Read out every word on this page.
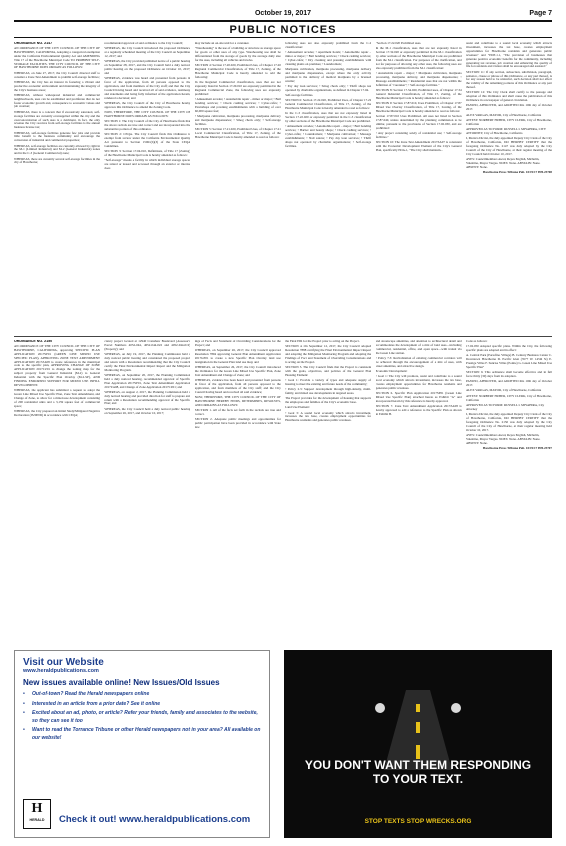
October 19, 2017	Page 7
PUBLIC NOTICES

ORDINANCE NO. 2147

AN ORDINANCE OF THE CITY COUNCIL OF THE CITY OF HAWTHORNE, CALIFORNIA, Adopting a categorical exemption under the California Environmental Quality Act and AMENDING Title 17 of the Hawthorne Municipal Code TO PROHIBIT SELF-STORAGE FACILITIES. THE CITY COUNCIL OF THE CITY OF HAWTHORNE DOES ORDAIN AS FOLLOWS:

WHEREAS, on June 27, 2017, the City Council directed staff to consider a Zone Text Amendment to prohibit self-storage facilities;

WHEREAS, the City has an interest in fostering a vibrant and productive economic environment and maintaining the integrity of the City's business areas;

WHEREAS, without widespread industrial and commercial neighborhoods, uses can be established and proliferate that do not foster economic growth and, consequence to economic values and job creation;

WHEREAS, there is a concern that if excessively saturated, self-storage facilities are currently oversupplied within the city and the overconcentration of such uses is a detriment, in fact, the only revenue the City receives from self-storage facilities is the annual business license tax;

WHEREAS, self-storage facilities generate few jobs and provide little benefit to the business community and encourage the conversion of industrial and commercial properties;

WHEREAS, self-storage facilities are currently allowed by right in the M-1 (Limited Industrial) and M-2 (General Industrial) zones and in the C-3 (General Commercial) zone;

WHEREAS, there are currently several self-storage facilities in the city of Hawthorne;

recommended approval of said ordinance to the City Council;

WHEREAS, the City Council introduced the proposed Ordinance at a regularly scheduled meeting of the City Council on September 12, 2017; and

WHEREAS, the City provided published notice of a public hearing on September 28, 2017, and the City Council held a duly noticed public hearing on the proposed Ordinance on October 10, 2017; and

WHEREAS, evidence was heard and presented from persons in favor of the application, from all persons opposed to the application, and from members of the City staff; and that the City Council having heard and received all of said evidence, testimony and statements and being fully informed of the application herein, rendered a decision; and

WHEREAS, the City Council of the City of Hawthorne hereby approves this Ordinance to amend the Zoning Code.

NOW, THEREFORE, THE CITY COUNCIL OF THE CITY OF HAWTHORNE DOES ORDAIN AS FOLLOWS:

SECTION 1: The City Council of the City of Hawthorne finds that the above recitals are true and correct and are incorporated into the substantive portion of this ordinance.

SECTION 2: CEQA. The City Council finds this Ordinance is exempt from review under the California Environmental Quality Act pursuant to Section 15061(b)(3) of the State CEQA Guidelines.

SECTION 3: Section 17.04.010, Definitions, of Title 17 (Zoning) of the Hawthorne Municipal Code is hereby amended as follows:

"Self-storage" means a facility in which individual storage spaces are rented or leased and accessed through an exterior or interior door.

may include an on-site unit for a caretaker.

"Warehousing" is the use of a building or structure as storage space for goods or other uses of any type. Warehousing use shall be differentiated from the storage of goods by the average daily size for the uses, including all vehicles and trucks.

SECTION 4: Section 17.20.020, Prohibited Uses, of Chapter 17.20 Regional Commercial Classification, of Title 17, Zoning, of the Hawthorne Municipal Code is hereby amended to add the following:

In the Regional Commercial classification, uses that are not expressly listed in Section 17.20.010 are expressly permitted in the Regional Commercial Zone, the following uses are expressly prohibited:

• Amusement arcades; • Automobile repair – minor or major; • Bail bonding services; • Check cashing services; • Cyber-cafés; • Pawnshops and pawning establishments with a building of over 60,000 square feet;

• Marijuana cultivation, marijuana processing, marijuana delivery and marijuana dispensaries; • Smog check only; • Self-storage facilities.

SECTION 5: Section 17.21.020, Prohibited Uses, of Chapter 17.21 Local Commercial Classification, of Title 17, Zoning, of the Hawthorne Municipal Code is hereby amended to read as follows:

following uses are also expressly prohibited from the C-2 classification:

• Amusement arcades; • Apartment hotels; • Automobile repair – minor or major; • Bail bonding services; • Check cashing services; • Cyber-cafés; • Dry cleaning and pressing establishments with cleaning plants on premises; • Laundromats;

Marijuana cultivation, marijuana processing, marijuana delivery and marijuana dispensaries, except where the only activity permitted is the delivery of medical marijuana by a licensed retailer;

• Pay day loan services; • Smog check only; • Thrift shops not operated by charitable organizations, as defined in Chapter 17.04.

Self-storage facilities.

SECTION 6: Section 17.22.020, Prohibited Uses, of Chapter 17.22 General Commercial Classification, of Title 17, Zoning, of the Hawthorne Municipal Code is hereby amended to read as follows:

In the C-3 classification, uses that are not expressly listed in Section 17.22.020 or expressly permitted in the C-3 classification by other sections of the Hawthorne Municipal Code are prohibited.

• Amusement arcades; • Automobile repair – major; • Bail bonding services; • Barber and beauty shops; • Check cashing services; • Cyber-cafés; • Laundromats; • Marijuana cultivation; • Massage establishments; • Nail salons; • Pay day loan services; • Thrift shops not operated by charitable organizations; • Self-storage facilities.

"Section 17.22.020 Prohibited uses.

In the M-1 classification, uses that are not expressly listed in Section 17.32.020 or expressly permitted in the M-1 classification by other sections of the Hawthorne Municipal Code are prohibited from the M-1 classification. For purposes of the clarification, and not for purposes of allowing any other uses, the following uses are also expressly prohibited from the M-1 classification:

• Automobile repair – major; • Marijuana cultivation, marijuana processing, marijuana delivery, and marijuana dispensaries; • Massage establishments; • Residential uses that are not within the definition of "caretaker"; • Self-storage facilities."

SECTION 8: Section 17.34.020, Prohibited uses, of Chapter 17.34 General Industrial Classification, of Title 17, Zoning, of the Hawthorne Municipal Code is hereby amended as follows:

SECTION 9: Section 17.87.010, Uses Prohibited, of Chapter 17.87 Mixed Use Overlay Classification, of Title 17, Zoning, of the Hawthorne Municipal Code is hereby amended to read as follows:

Section 17.87.010 Uses Prohibited. All uses not listed in Section 17.87.040, unless determined by the planning commission to be similar, pursuant to the provisions of Section 17.02.030, and are prohibited:

• Any project consisting solely of residential use; • Self-storage facilities."

SECTION 10: The Zone Text Amendment 2017ZA07 is consistent with the Economic Development Element of the City's General Plan, specifically EDA-1, "The City shall maintain...

assist and contribute to a sound local economy which attracts investment, increases the tax base, creates employment opportunities for Hawthorne residents and generates public revenues" and "EDP-1.1, "The provision of businesses that generate positive economic benefits for the community, including generating tax revenue, job creation and enhancing the quality of life for residents and visitors shall be encouraged and assisted."

SECTION 11: If any section, subsection, subdivision, paragraph, sentence, clause or phrase of this Ordinance, or any part thereof, is for any reason held to be unlawful, such decision shall not affect the validity of the remaining portions of this Ordinance or any part thereof.

SECTION 12: The City Clerk shall certify to the passage and adoption of this Ordinance and shall cause the publication of this Ordinance in a newspaper of general circulation.

PASSED, APPROVED, and ADOPTED this 10th day of October 2017.

ALEX VARGAS, MAYOR, City of Hawthorne, California

ATTEST: NORBERT HUBER, CITY CLERK, City of Hawthorne, California

APPROVED AS TO FORM: RUSSELL I. MIYAHIRA, CITY ATTORNEY, City of Hawthorne, California

I, Monica Dicrisi, the duly appointed Deputy City Clerk of the City of Hawthorne, California, DO HEREBY CERTIFY that the foregoing Ordinance No. 2147 was duly adopted by the City Council of the City of Hawthorne, at their regular meeting of the City Council held October 10, 2017.

AYES: Councilmembers Awad, Reyes English, Michelin, Valentine, Mayor Vargas. NOES: None. ABSTAIN: None. ABSENT: None.

Hawthorne Press Tribune Pub. 10/19/17 HH-25708

ORDINANCE NO. 2150

AN ORDINANCE OF THE CITY COUNCIL OF THE CITY OF HAWTHORNE, CALIFORNIA, approving SPECIFIC PLAN APPLICATION 2017SP01 (GREEN LINE MIXED USE SPECIFIC PLAN), APPROVING ZONE TEXT AMENDMENT APPLICATION 2017ZA08 to create references in the municipal code to the specific plan, APPROVING CHANGE OF ZONE APPLICATION 2017CZ01 to change the zoning map for the subject property from General Industrial (M-2) to General Industrial with the Specific Plan Overlay (M-2-SP), AND FINDING ENDORSED SUPPORT FOR MIXED USE INFILL DEVELOPMENT.

WHEREAS, the applicant has submitted a request to adopt the Green Line Mixed Use Specific Plan, Zone Text Amendment, and Change of Zone, to allow for a mixed-use development consisting of 200 residential units and a 3,159 square feet of commercial space;

WHEREAS, the City prepared an Initial Study/Mitigated Negative Declaration (IS/MND) in accordance with CEQA;

ciency project located at 12940 Crenshaw Boulevard (Assessor's Parcel Numbers 4052-044, 4052-044-022 and 4052-044-019) (Property); and

WHEREAS, on July 19, 2017, the Planning Commission held a duly noticed public hearing and considered the proposed project and return with a Resolution recommending that the City Council certify the Final Environmental Impact Report and the Mitigation Monitoring Program.

WHEREAS, on September 20, 2017, the Planning Commission held a duly noticed hearing, recommended approval of Specific Plan Application 2017SP01, Zone Text Amendment Application 2017ZA08, and Change of Zone Application 2017CZ01; and

WHEREAS, on August 2, 2017, the Planning Commission held a duly noticed hearing and provided direction for staff to prepare and return with a Resolution recommending approval of the Specific Plan; and

WHEREAS, the City Council held a duly noticed public hearing on September 26, 2017, and October 10, 2017;

ings of Facts and Statement of Overriding Considerations for the Project; and

WHEREAS, on September 26, 2017, the City Council approved Resolution 7894 approving General Plan Amendment Application 2017GP01 to create a new Specific Plan Overlay land use designation in the General Plan land use map; and

WHEREAS, on September 26, 2017, the City Council introduced the Ordinance for the Green Line Mixed Use Specific Plan, Zone Text Amendment and Change of Zone; and

WHEREAS, evidence has been heard and presented from persons in favor of the application, from all persons opposed to the application, and from members of the City staff; and the City Council having heard and received all said evidence;

NOW, THEREFORE, THE CITY COUNCIL OF THE CITY OF HAWTHORNE HEREBY FINDS, DETERMINES, RESOLVES, AND ORDAINS AS FOLLOWS:

SECTION 1. All of the facts set forth in the recitals are true and correct.

SECTION 2. Adequate public meetings and opportunities for public participation have been provided in accordance with State law.

the Final EIR for the Project prior to acting on the Project.

SECTION 4. On September 12, 2017, the City Council adopted Resolution 7888 certifying the Final Environmental Impact Report and adopting the Mitigation Monitoring Program and adopting the Findings of Fact and Statement of Overriding Considerations and is acting on the Project.

SECTION 5. The City Council finds that the Project is consistent with the goals, objectives, and policies of the General Plan Housing Element:

• Goal 1: Provide a variety of types and adequate supply of housing to meet the existing and future needs of the community;

• Policy 2.3: Support development through high-density, multi-family, and mixed use developments in targeted areas.

The Project provides for the development of housing that supports the employees and families of the City's economic base.

Land Use Element:

• Goal 3: A sound local economy which attracts investment, increases the tax base, creates employment opportunities for Hawthorne residents and generates public revenues.

and streetscape amenities, and attention to architectural detail and accommodates the development of a mix of land uses—including commercial, residential, office, and open space—with transit via the Green Line station.

• Policy 7.3: Revitalization of existing commercial corridors will be achieved through the encouragement of a mix of uses, with street amenities, and attractive design.

Economic Development:

• Goal 1: The City will promote, assist and contribute to a sound local economy which attracts investment, increases the tax base, creates employment opportunities for Hawthorne residents and generates public revenues.

SECTION 6. Specific Plan Application 2017SP01 (Green Line Mixed Use Specific Plan) attached hereto as Exhibit "A" and incorporated herein by this reference is hereby approved.

SECTION 7. Zone Text Amendment Application 2017ZA08 is hereby approved to add a reference to the Specific Plan as shown in Exhibit B.

Code as follows:

17.02.050 Adopted specific plans. Within the City, the following specific plans are adopted and in effect:

A. Central Park (Portofino Village) B. Century Business Center C. Downtown Hawthorne D. Pacific Glen (3577 W. 145th St) E. Prestige Villas F. Sunrise Villas (Pointe) G. Green Line Mixed Use Specific Plan"

SECTION 9. This ordinance shall become effective and in full force thirty (30) days from its adoption.

PASSED, APPROVED, and ADOPTED this 10th day of October 2017.

ALEX VARGAS, MAYOR, City of Hawthorne, California

ATTEST: NORBERT HUBER, CITY CLERK, City of Hawthorne, California

APPROVED AS TO FORM: RUSSELL I. MIYAHIRA, City Attorney

I, Monica Dicrisi, the duly appointed Deputy City Clerk of the City of Hawthorne, California, DO HEREBY CERTIFY that the foregoing Ordinance No. 2150 was duly adopted by the City Council of the City of Hawthorne, at their regular meeting held October 10, 2017.

AYES: Councilmembers Awad, Reyes English, Michelin, Valentine, Mayor Vargas. NOES: None. ABSTAIN: None. ABSENT: None.

Hawthorne Press Tribune Pub. 10/19/17 HH-25707

Visit our Website
www.heraldpublications.com
New issues available online! New Issues/Old Issues
• Out-of-town? Read the Herald newspapers online
• Interested in an article from a prior date? See it online
• Excited about an ad, photo, or article? Refer your friends, family and associates to the website, so they can see it too
• Want to read the Torrance Tribune or other Herald newspapers not in your area? All available on our website!
H
HERALD	Check it out! www.heraldpublications.com
YOU DON'T WANT THEM RESPONDING TO YOUR TEXT.
STOP TEXTS STOP WRECKS.ORG
